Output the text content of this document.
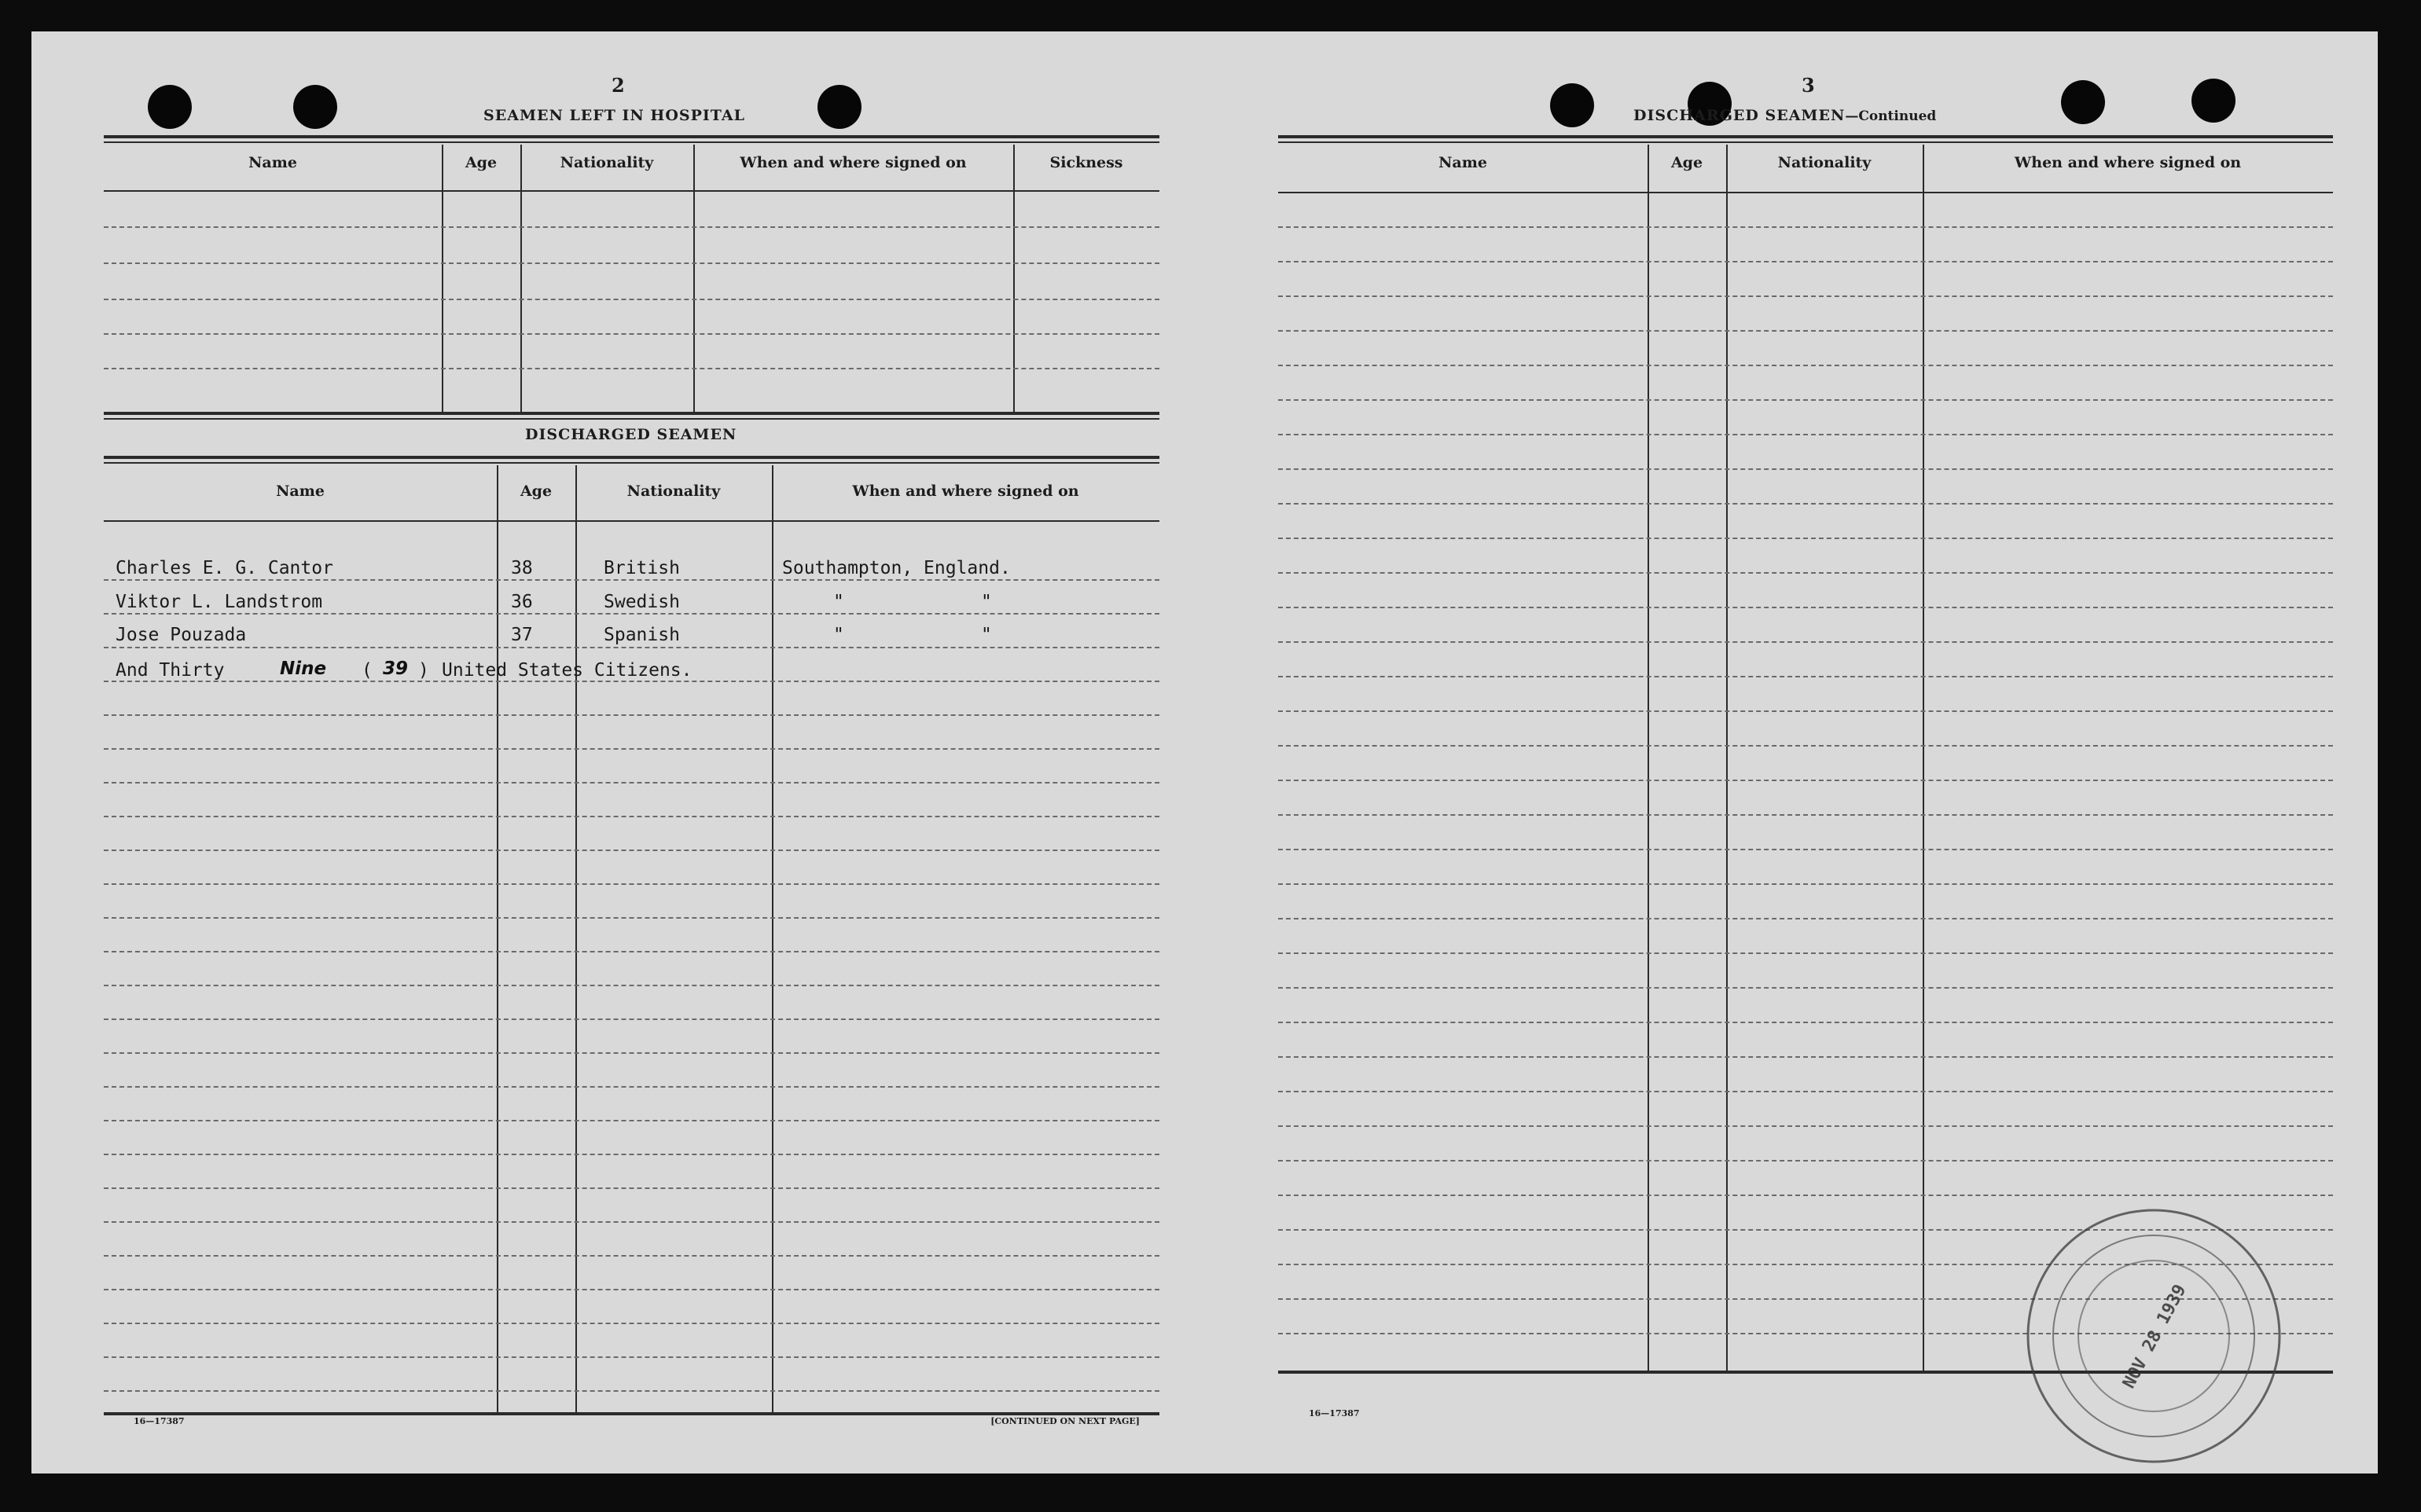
2
SEAMEN LEFT IN HOSPITAL
Name	Age	Nationality	When and where signed on	Sickness
DISCHARGED SEAMEN
Name	Age	Nationality	When and where signed on
Charles E. G. Cantor	38	British	Southampton, England.
Viktor L. Landstrom	36	Swedish	"	"
Jose Pouzada	37	Spanish	"	"
And Thirty	Nine ( 39 ) United States Citizens.
16—17387	[CONTINUED ON NEXT PAGE]
3
DISCHARGED SEAMEN—Continued
Name	Age	Nationality	When and where signed on
16—17387
NOV 28 1939
